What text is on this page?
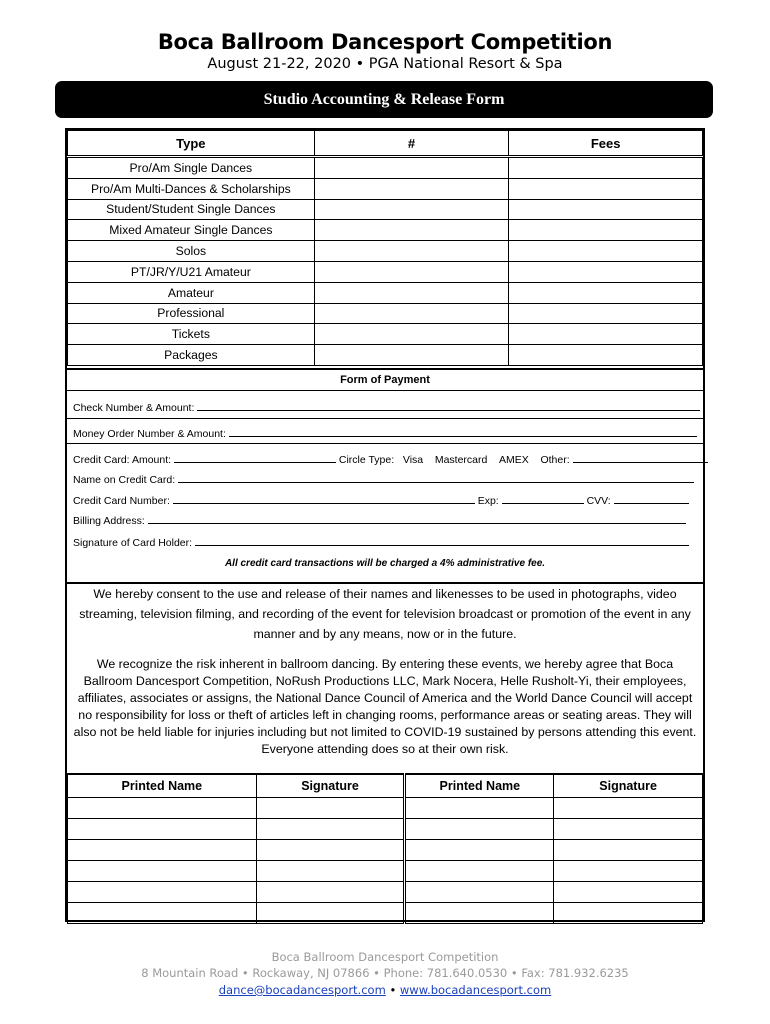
Boca Ballroom Dancesport Competition
August 21-22, 2020 • PGA National Resort & Spa
Studio Accounting & Release Form
Type	#	Fees
Pro/Am Single Dances		
Pro/Am Multi-Dances & Scholarships		
Student/Student Single Dances		
Mixed Amateur Single Dances		
Solos		
PT/JR/Y/U21 Amateur		
Amateur		
Professional		
Tickets		
Packages		
Form of Payment
Check Number & Amount:
Money Order Number & Amount:
Credit Card: Amount:	Circle Type: Visa Mastercard AMEX Other:
Name on Credit Card:
Credit Card Number:	Exp:	CVV:
Billing Address:
Signature of Card Holder:
All credit card transactions will be charged a 4% administrative fee.

We hereby consent to the use and release of their names and likenesses to be used in photographs, video streaming, television filming, and recording of the event for television broadcast or promotion of the event in any manner and by any means, now or in the future.

We recognize the risk inherent in ballroom dancing. By entering these events, we hereby agree that Boca Ballroom Dancesport Competition, NoRush Productions LLC, Mark Nocera, Helle Rusholt-Yi, their employees, affiliates, associates or assigns, the National Dance Council of America and the World Dance Council will accept no responsibility for loss or theft of articles left in changing rooms, performance areas or seating areas. They will also not be held liable for injuries including but not limited to COVID-19 sustained by persons attending this event. Everyone attending does so at their own risk.

Printed Name	Signature	Printed Name	Signature

Boca Ballroom Dancesport Competition
8 Mountain Road • Rockaway, NJ 07866 • Phone: 781.640.0530 • Fax: 781.932.6235
dance@bocadancesport.com • www.bocadancesport.com
